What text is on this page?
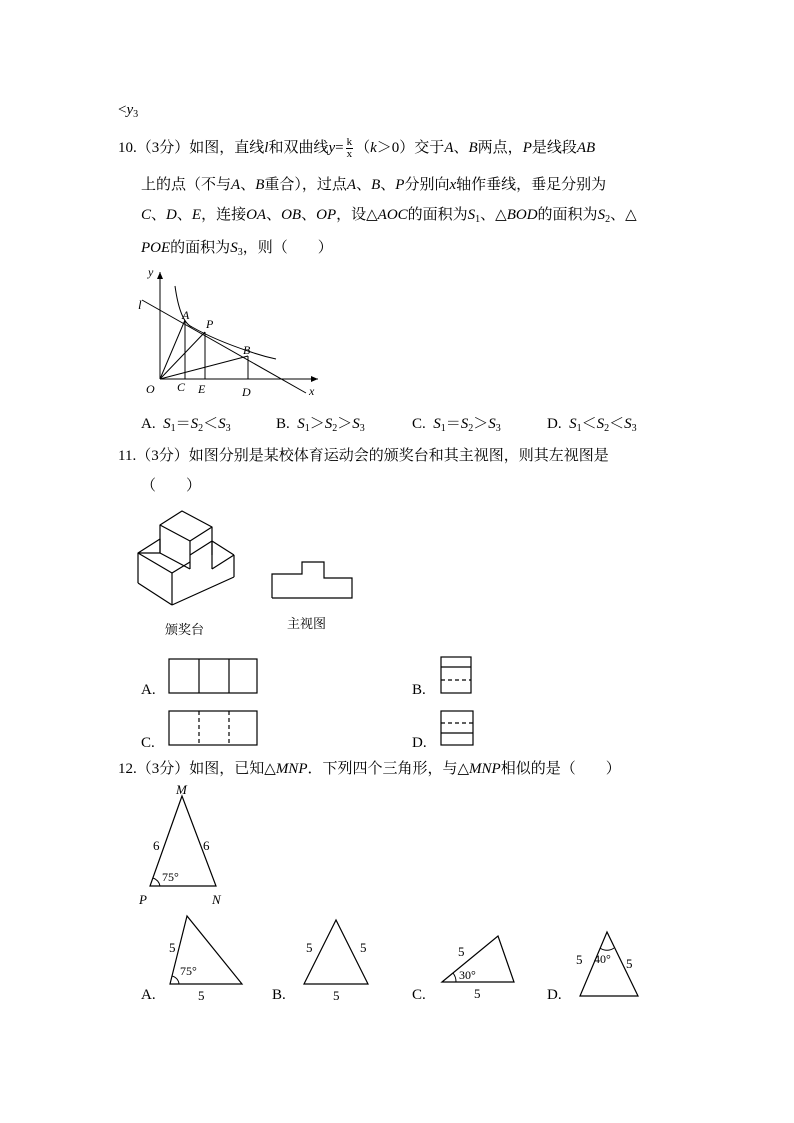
$<y_3$
10.（3分）如图，直线l和双曲线$y= \frac{k}{x} (k>0)$交于A、B两点，P是线段AB
上的点（不与A、B重合），过点A、B、P分别向x轴作垂线，垂足分别为
C、D、E，连接OA、OB、OP，设△AOC的面积为$S_1$、△BOD的面积为$S_2$、△
POE的面积为$S_3$，则（　　）
y
l
A
P
B
O C E	D	x
A. $S_1=S_2<S_3$	B. $S_1>S_2>S_3$	C. $S_1=S_2>S_3$	D. $S_1<S_2<S_3$
11.（3分）如图分别是某校体育运动会的颁奖台和其主视图，则其左视图是
（　　）
颁奖台	主视图
A.	B.
C.	D.
12.（3分）如图，已知△MNP．下列四个三角形，与△MNP相似的是（　　）
M
P	N
6	6
75°
A.
5
5
75°
B.
5	5
5	C.
5
5
30°
D.
5	5
40°
